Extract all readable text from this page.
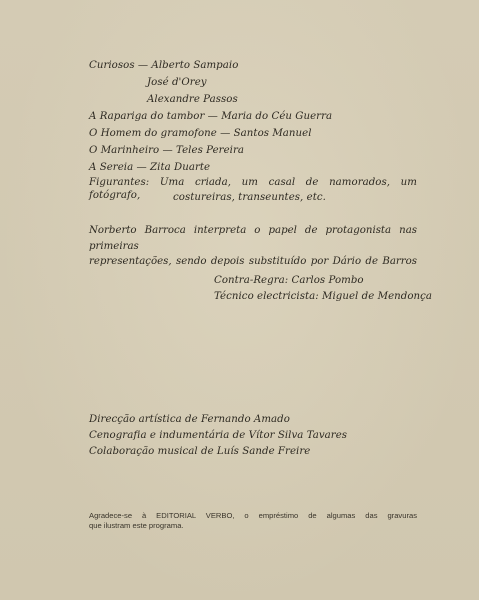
Curiosos — Alberto Sampaio
José d'Orey
Alexandre Passos
A Rapariga do tambor — Maria do Céu Guerra
O Homem do gramofone — Santos Manuel
O Marinheiro — Teles Pereira
A Sereia — Zita Duarte
Figurantes: Uma criada, um casal de namorados, um fotógrafo,	costureiras, transeuntes, etc.
Norberto Barroca interpreta o papel de protagonista nas primeiras
representações, sendo depois substituído por Dário de Barros
Contra-Regra: Carlos Pombo
Técnico electricista: Miguel de Mendonça
Direcção artística de Fernando Amado
Cenografia e indumentária de Vítor Silva Tavares
Colaboração musical de Luís Sande Freire
Agradece-se à EDITORIAL VERBO, o empréstimo de algumas das gravuras
que ilustram este programa.
